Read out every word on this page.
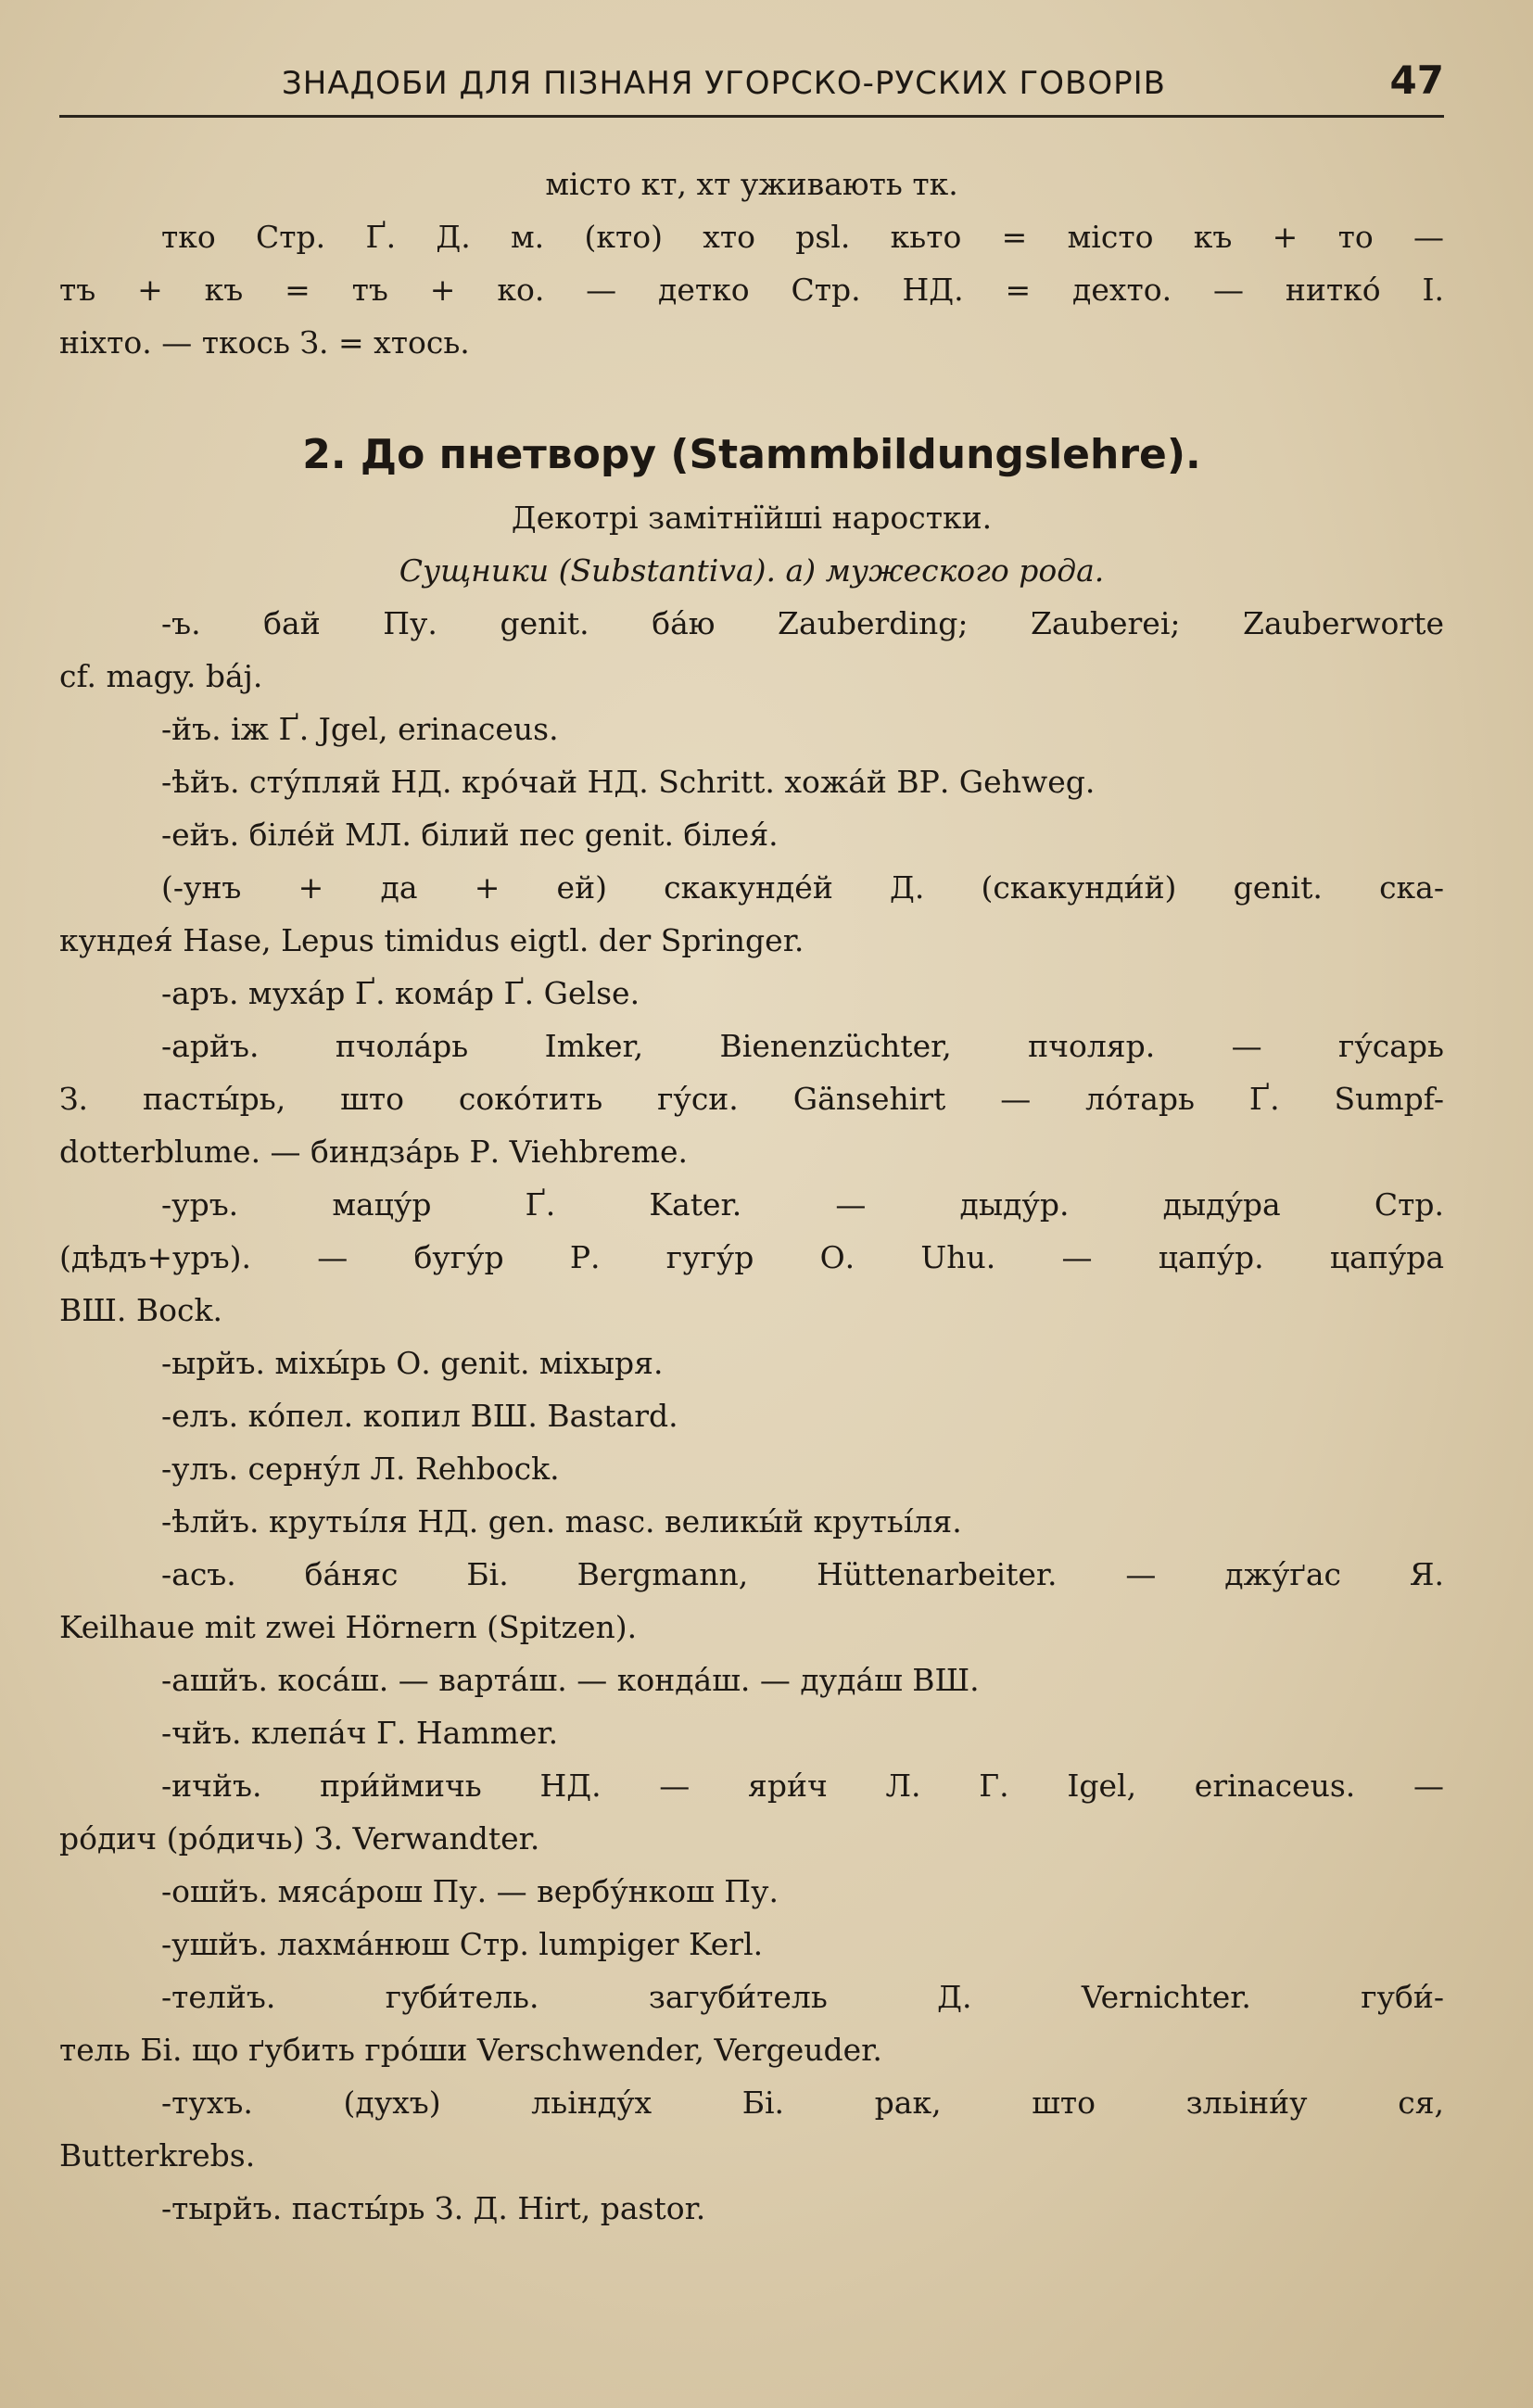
ЗНАДОБИ ДЛЯ ПІЗНАНЯ УГОРСКО-РУСКИХ ГОВОРІВ	47
місто кт, хт уживають тк.
тко Стр. Ґ. Д. м. (кто) хто psl. кьто = місто къ + то —
тъ + къ = тъ + ко. — детко Стр. НД. = дехто. — нитко́ І.
ніхто. — ткось З. = хтось.
2. До пнетвору (Stammbildungslehre).
Декотрі замітнїйші наростки.
Сущники (Substantiva). а) мужеского рода.
-ъ. бай Пу. genit. ба́ю Zauberding; Zauberei; Zauberworte
cf. magy. báj.
-йъ. іж Ґ. Jgel, erinaceus.
-ѣйъ. сту́пляй НД. кро́чай НД. Schritt. хожа́й ВР. Gehweg.
-ейъ. біле́й МЛ. білий пес genit. білея́.
(-унъ + да + ей) скакунде́й Д. (скакунди́й) genit. ска-
кундея́ Hase, Lepus timidus eigtl. der Springer.
-аръ. муха́р Ґ. кома́р Ґ. Gelse.
-арйъ. пчола́рь Imker, Bienenzüchter, пчоляр. — гу́сарь
З. пасты́рь, што соко́тить гу́си. Gänsehirt — ло́тарь Ґ. Sumpf-
dotterblume. — биндза́рь Р. Viehbreme.
-уръ. мацу́р Ґ. Kater. — дыду́р. дыду́ра Стр.
(дѣдъ+уръ). — бугу́р Р. гугу́р О. Uhu. — цапу́р. цапу́ра
ВШ. Bock.
-ырйъ. міхы́рь О. genit. міхыря.
-елъ. ко́пел. копил ВШ. Bastard.
-улъ. серну́л Л. Rehbock.
-ѣлйъ. крутьі́ля НД. gen. masc. великы́й крутьі́ля.
-асъ. ба́няс Бі. Bergmann, Hüttenarbeiter. — джу́ґас Я.
Keilhaue mit zwei Hörnern (Spitzen).
-ашйъ. коса́ш. — варта́ш. — конда́ш. — дуда́ш ВШ.
-чйъ. клепа́ч Г. Hammer.
-ичйъ. при́ймичь НД. — яри́ч Л. Г. Igel, erinaceus. —
ро́дич (ро́дичь) З. Verwandter.
-ошйъ. мяса́рош Пу. — вербу́нкош Пу.
-ушйъ. лахма́нюш Стр. lumpiger Kerl.
-телйъ. губи́тель. загуби́тель Д. Vernichter. губи́-
тель Бі. що ґубить гро́ши Verschwender, Vergeuder.
-тухъ. (духъ) льінду́х Бі. рак, што зльіни́у ся,
Butterkrebs.
-тырйъ. пасты́рь З. Д. Hirt, pastor.
